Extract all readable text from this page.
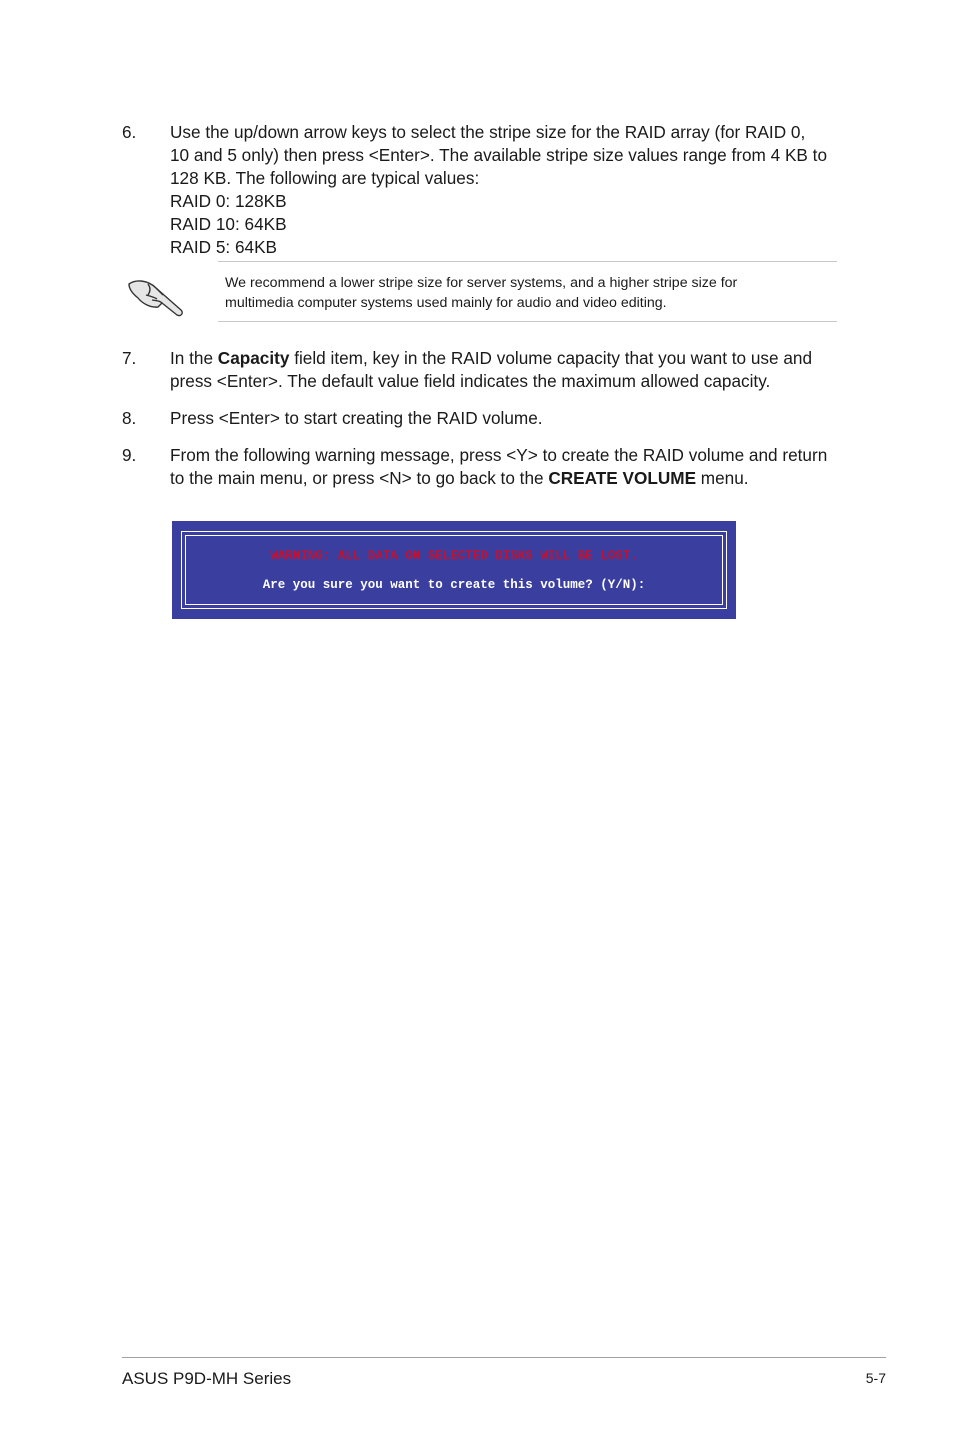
6. Use the up/down arrow keys to select the stripe size for the RAID array (for RAID 0,
10 and 5 only) then press <Enter>. The available stripe size values range from 4 KB to
128 KB. The following are typical values:
RAID 0: 128KB
RAID 10: 64KB
RAID 5: 64KB
We recommend a lower stripe size for server systems, and a higher stripe size for
multimedia computer systems used mainly for audio and video editing.
7. In the Capacity field item, key in the RAID volume capacity that you want to use and
press <Enter>. The default value field indicates the maximum allowed capacity.
8. Press <Enter> to start creating the RAID volume.
9. From the following warning message, press <Y> to create the RAID volume and return
to the main menu, or press <N> to go back to the CREATE VOLUME menu.
WARNING: ALL DATA ON SELECTED DISKS WILL BE LOST.
Are you sure you want to create this volume? (Y/N):
ASUS P9D-MH Series	5-7
